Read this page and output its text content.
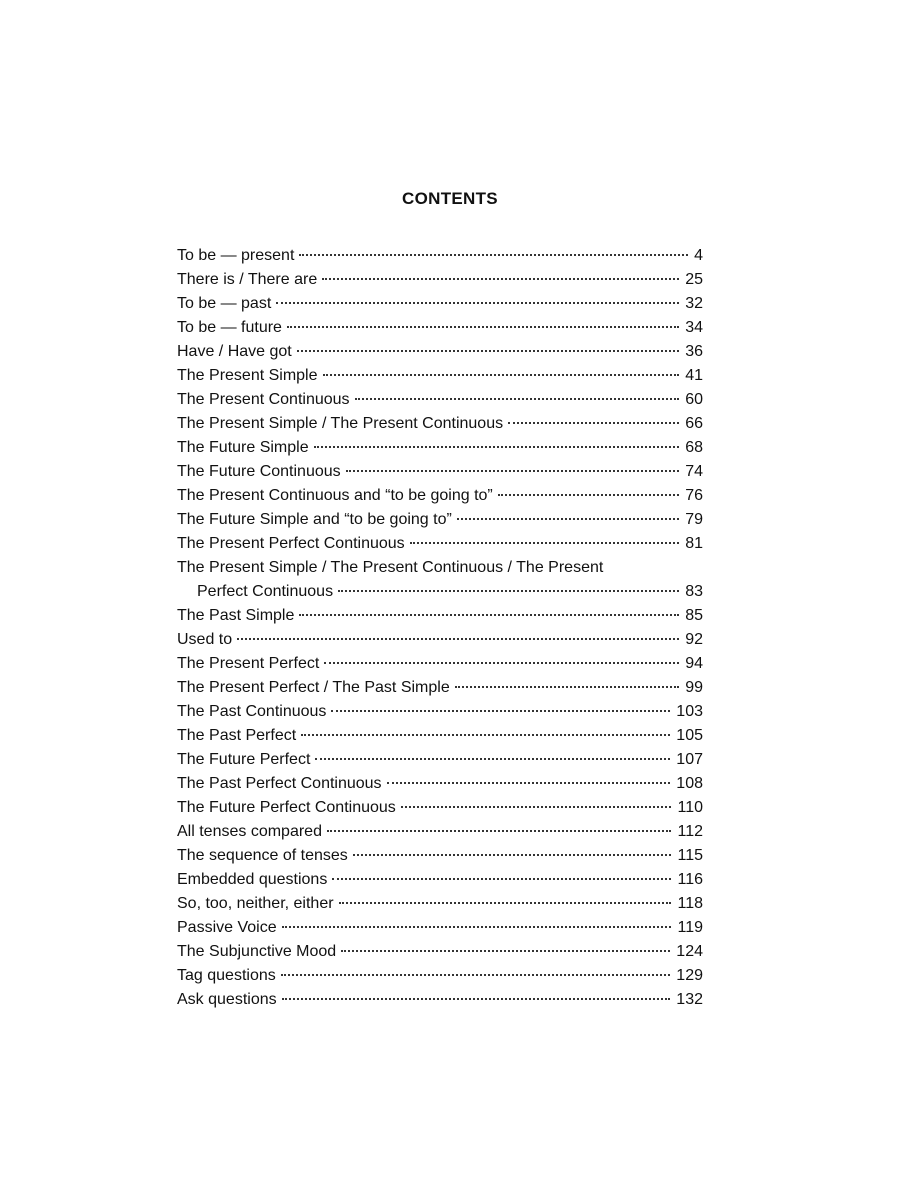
CONTENTS
To be — present	4
There is / There are	25
To be — past	32
To be — future	34
Have / Have got	36
The Present Simple	41
The Present Continuous	60
The Present Simple / The Present Continuous	66
The Future Simple	68
The Future Continuous	74
The Present Continuous and “to be going to”	76
The Future Simple and “to be going to”	79
The Present Perfect Continuous	81
The Present Simple / The Present Continuous / The Present
Perfect Continuous	83
The Past Simple	85
Used to	92
The Present Perfect	94
The Present Perfect / The Past Simple	99
The Past Continuous	103
The Past Perfect	105
The Future Perfect	107
The Past Perfect Continuous	108
The Future Perfect Continuous	110
All tenses compared	112
The sequence of tenses	115
Embedded questions	116
So, too, neither, either	118
Passive Voice	119
The Subjunctive Mood	124
Tag questions	129
Ask questions	132
